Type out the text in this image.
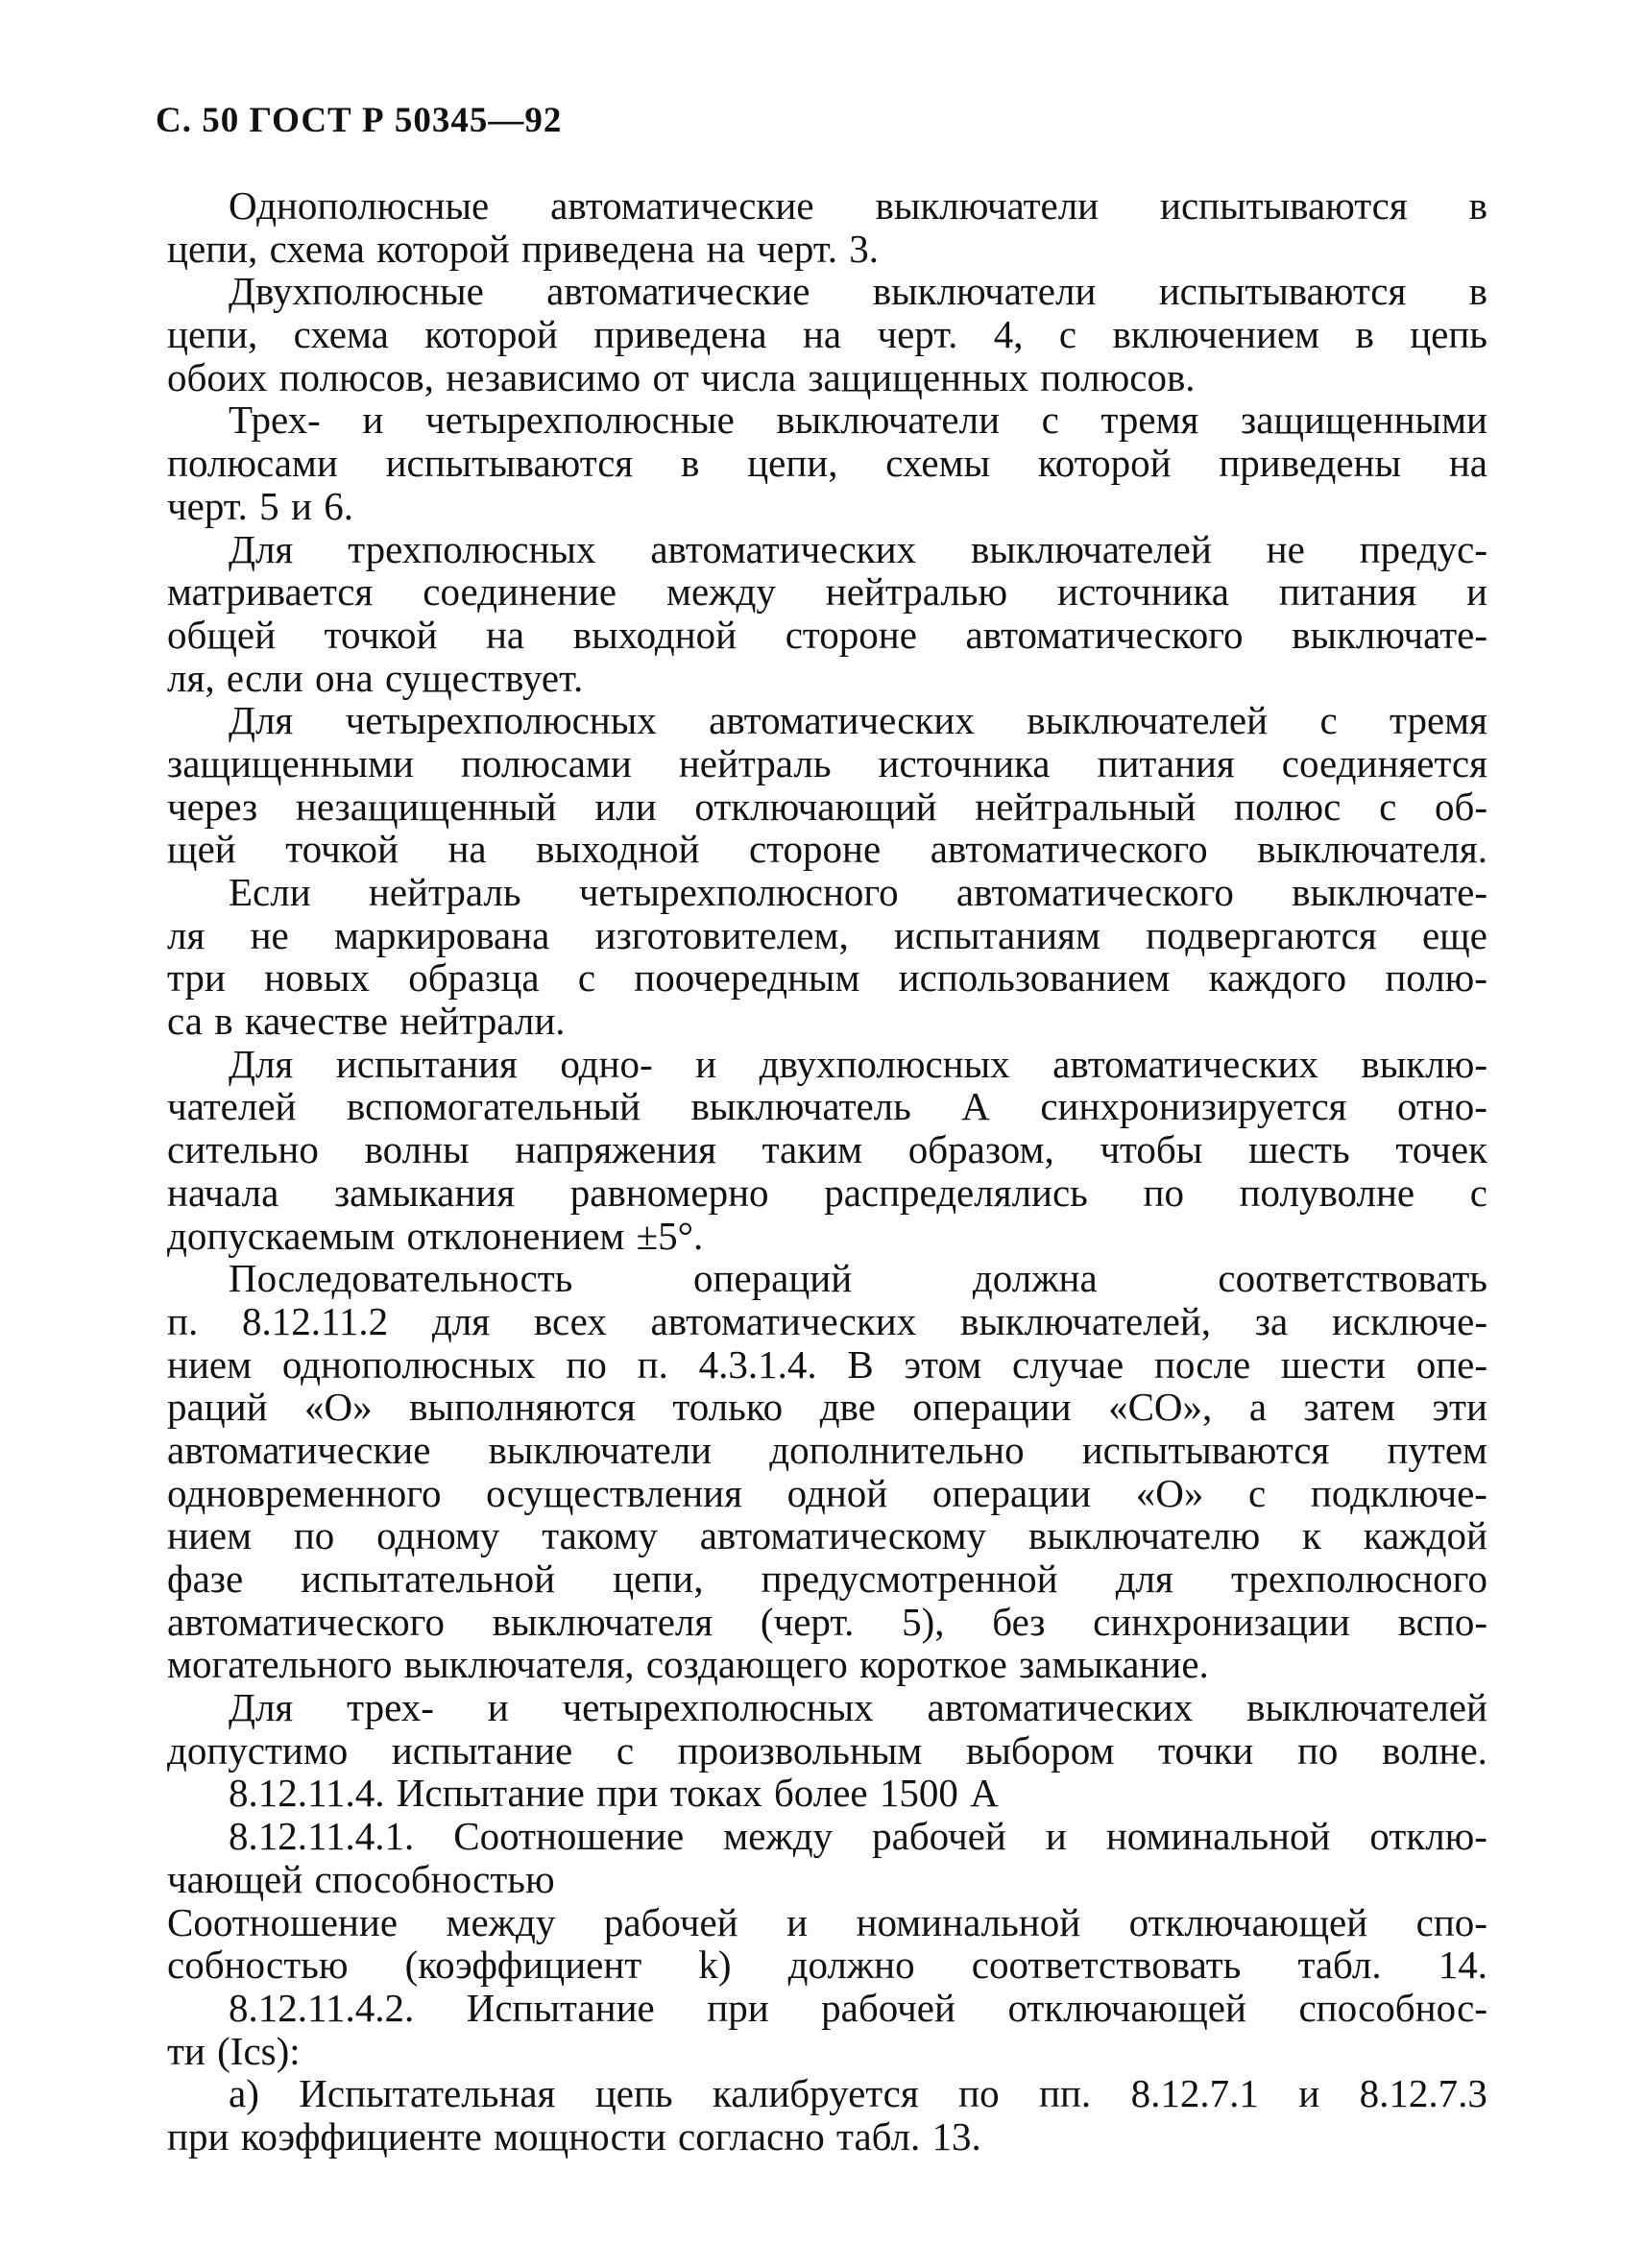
С. 50 ГОСТ Р 50345—92
Однополюсные автоматические выключатели испытываются в
цепи, схема которой приведена на черт. 3.
Двухполюсные автоматические выключатели испытываются в
цепи, схема которой приведена на черт. 4, с включением в цепь
обоих полюсов, независимо от числа защищенных полюсов.
Трех- и четырехполюсные выключатели с тремя защищенными
полюсами испытываются в цепи, схемы которой приведены на
черт. 5 и 6.
Для трехполюсных автоматических выключателей не предус-
матривается соединение между нейтралью источника питания и
общей точкой на выходной стороне автоматического выключате-
ля, если она существует.
Для четырехполюсных автоматических выключателей с тремя
защищенными полюсами нейтраль источника питания соединяется
через незащищенный или отключающий нейтральный полюс с об-
щей точкой на выходной стороне автоматического выключателя.
Если нейтраль четырехполюсного автоматического выключате-
ля не маркирована изготовителем, испытаниям подвергаются еще
три новых образца с поочередным использованием каждого полю-
са в качестве нейтрали.
Для испытания одно- и двухполюсных автоматических выклю-
чателей вспомогательный выключатель А синхронизируется отно-
сительно волны напряжения таким образом, чтобы шесть точек
начала замыкания равномерно распределялись по полуволне с
допускаемым отклонением ±5°.
Последовательность	операций	должна	соответствовать
п. 8.12.11.2 для всех автоматических выключателей, за исключе-
нием однополюсных по п. 4.3.1.4. В этом случае после шести опе-
раций «О» выполняются только две операции «СО», а затем эти
автоматические выключатели дополнительно испытываются путем
одновременного осуществления одной операции «О» с подключе-
нием по одному такому автоматическому выключателю к каждой
фазе испытательной цепи, предусмотренной для трехполюсного
автоматического выключателя (черт. 5), без синхронизации вспо-
могательного выключателя, создающего короткое замыкание.
Для трех- и четырехполюсных автоматических выключателей
допустимо испытание с произвольным выбором точки по волне.
8.12.11.4. Испытание при токах более 1500 А
8.12.11.4.1. Соотношение между рабочей и номинальной отклю-
чающей способностью
Соотношение между рабочей и номинальной отключающей спо-
собностью (коэффициент k) должно соответствовать табл. 14.
8.12.11.4.2. Испытание при рабочей отключающей способнос-
ти (Ics):
а) Испытательная цепь калибруется по пп. 8.12.7.1 и 8.12.7.3
при коэффициенте мощности согласно табл. 13.
